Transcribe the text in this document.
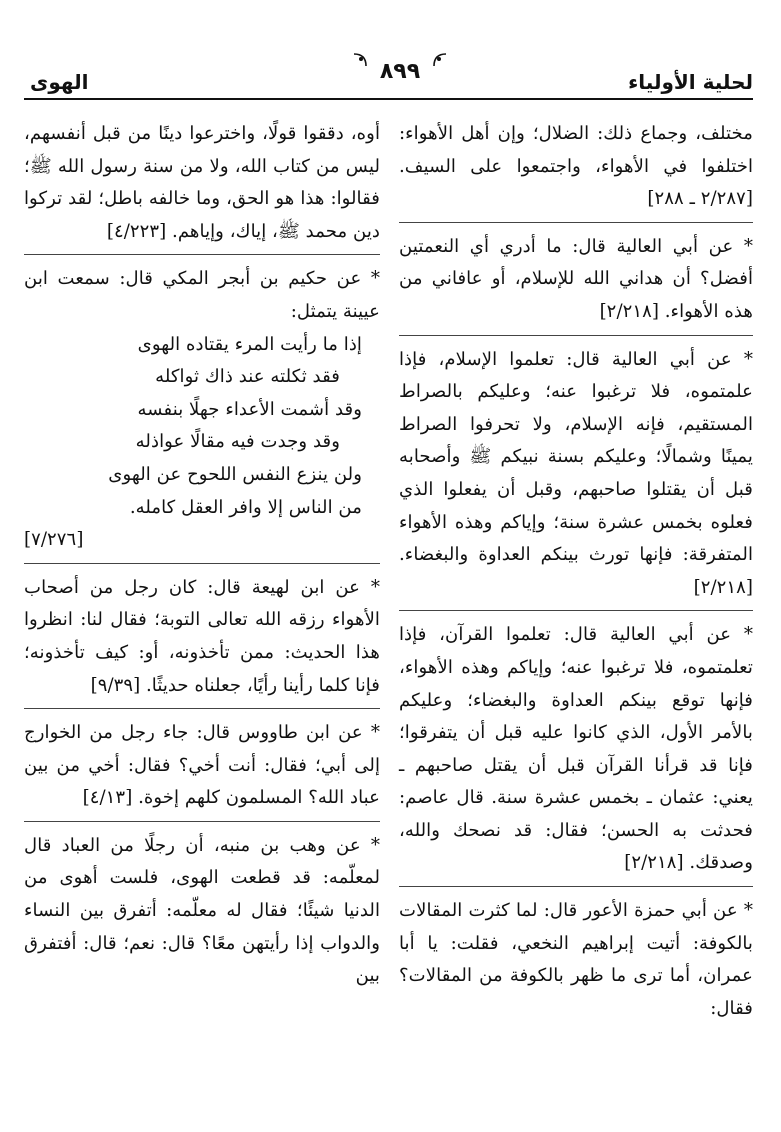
لحلية الأولياء
٨٩٩
الهوى

مختلف، وجماع ذلك: الضلال؛ وإن أهل الأهواء: اختلفوا في الأهواء، واجتمعوا على السيف. [٢/٢٨٧ ـ ٢٨٨]

* عن أبي العالية قال: ما أدري أي النعمتين أفضل؟ أن هداني الله للإسلام، أو عافاني من هذه الأهواء. [٢/٢١٨]

* عن أبي العالية قال: تعلموا الإسلام، فإذا علمتموه، فلا ترغبوا عنه؛ وعليكم بالصراط المستقيم، فإنه الإسلام، ولا تحرفوا الصراط يمينًا وشمالًا؛ وعليكم بسنة نبيكم ﷺ وأصحابه قبل أن يقتلوا صاحبهم، وقبل أن يفعلوا الذي فعلوه بخمس عشرة سنة؛ وإياكم وهذه الأهواء المتفرقة: فإنها تورث بينكم العداوة والبغضاء. [٢/٢١٨]

* عن أبي العالية قال: تعلموا القرآن، فإذا تعلمتموه، فلا ترغبوا عنه؛ وإياكم وهذه الأهواء، فإنها توقع بينكم العداوة والبغضاء؛ وعليكم بالأمر الأول، الذي كانوا عليه قبل أن يتفرقوا؛ فإنا قد قرأنا القرآن قبل أن يقتل صاحبهم ـ يعني: عثمان ـ بخمس عشرة سنة. قال عاصم: فحدثت به الحسن؛ فقال: قد نصحك والله، وصدقك. [٢/٢١٨]

* عن أبي حمزة الأعور قال: لما كثرت المقالات بالكوفة: أتيت إبراهيم النخعي، فقلت: يا أبا عمران، أما ترى ما ظهر بالكوفة من المقالات؟ فقال:

أوه، دققوا قولًا، واخترعوا دينًا من قبل أنفسهم، ليس من كتاب الله، ولا من سنة رسول الله ﷺ؛ فقالوا: هذا هو الحق، وما خالفه باطل؛ لقد تركوا دين محمد ﷺ، إياك، وإياهم. [٤/٢٢٣]

* عن حكيم بن أبجر المكي قال: سمعت ابن عيينة يتمثل:

إذا ما رأيت المرء يقتاده الهوى

فقد ثكلته عند ذاك ثواكله

وقد أشمت الأعداء جهلًا بنفسه

وقد وجدت فيه مقالًا عواذله

ولن ينزع النفس اللحوح عن الهوى

من الناس إلا وافر العقل كامله.

[٧/٢٧٦]

* عن ابن لهيعة قال: كان رجل من أصحاب الأهواء رزقه الله تعالى التوبة؛ فقال لنا: انظروا هذا الحديث: ممن تأخذونه، أو: كيف تأخذونه؛ فإنا كلما رأينا رأيًا، جعلناه حديثًا. [٩/٣٩]

* عن ابن طاووس قال: جاء رجل من الخوارج إلى أبي؛ فقال: أنت أخي؟ فقال: أخي من بين عباد الله؟ المسلمون كلهم إخوة. [٤/١٣]

* عن وهب بن منبه، أن رجلًا من العباد قال لمعلّمه: قد قطعت الهوى، فلست أهوى من الدنيا شيئًا؛ فقال له معلّمه: أتفرق بين النساء والدواب إذا رأيتهن معًا؟ قال: نعم؛ قال: أفتفرق بين
